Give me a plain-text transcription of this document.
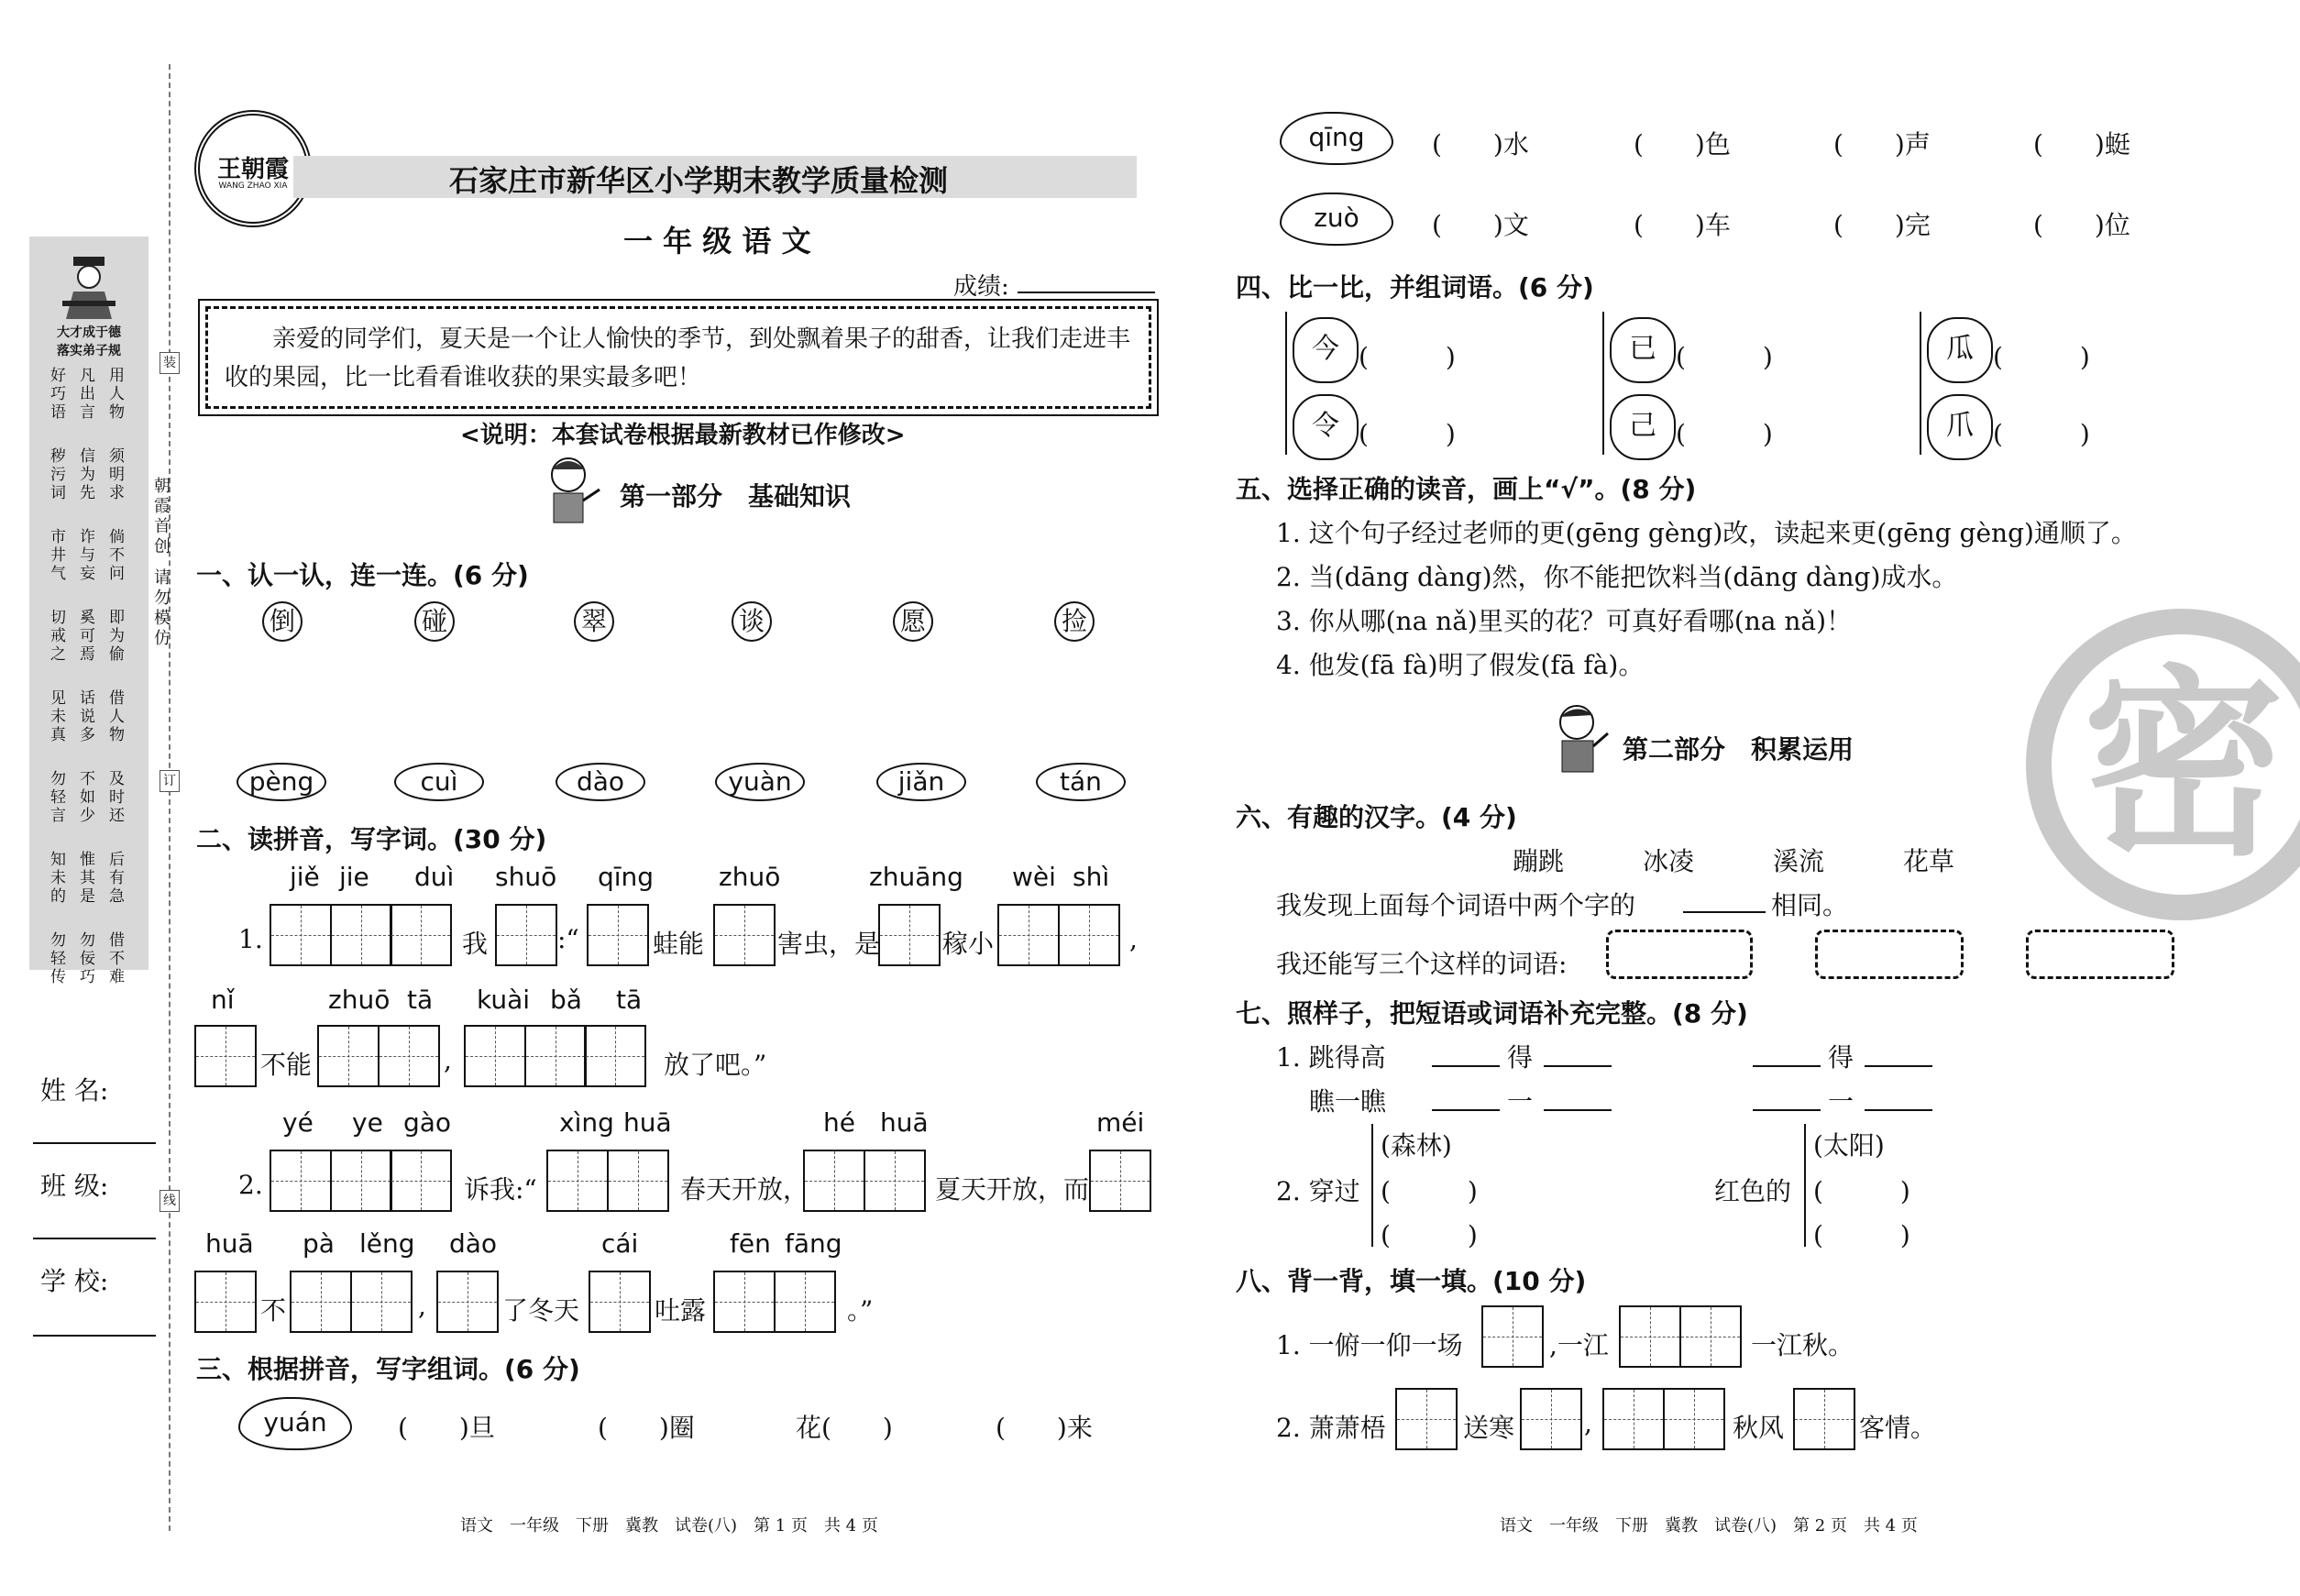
大才成于德
落实弟子规
好巧语 凡出言 用人物
秽污词 信为先 须明求
市井气 诈与妄 倘不问
切戒之 奚可焉 即为偷
见未真 话说多 借人物
勿轻言 不如少 及时还
知未的 惟其是 后有急
勿轻传 勿佞巧 借不难
装
订
线
朝霞首创
请勿模仿
姓 名:
班 级:
学 校:
王朝霞
WANG ZHAO XIA	石家庄市新华区小学期末教学质量检测
一 年 级 语 文
成绩:
亲爱的同学们，夏天是一个让人愉快的季节，到处飘着果子的甜香，让我们走进丰收的果园，比一比看看谁收获的果实最多吧！
<说明：本套试卷根据最新教材已作修改>
第一部分　基础知识
一、认一认，连一连。(6 分)
倒	碰	翠	谈	愿	捡
pèng	cuì	dào	yuàn	jiǎn	tán
二、读拼音，写字词。(30 分)
jiě jie duì shuō qīng	zhuō	zhuāng wèi shì
1.	我	:“	蛙能	害虫，是 稼小	,
nǐ	zhuō tā kuài bǎ tā
不能	,	放了吧。”
yé ye gào	xìng huā	hé huā	méi
2.	诉我:“	春天开放，	夏天开放，而
huā pà lěng dào	cái	fēn fāng
不	,	了冬天	吐露	。”
三、根据拼音，写字组词。(6 分)
yuán	(　　)旦	(　　)圈	花(　　)	(　　)来
语文　一年级　下册　冀教　试卷(八)　第 1 页　共 4 页
qīng	(　　)水	(　　)色	(　　)声	(　　)蜓
zuò	(　　)文	(　　)车	(　　)完	(　　)位
四、比一比，并组词语。(6 分)
今 (　　　)
令 (　　　)
已 (　　　)
己 (　　　)
瓜 (　　　)
爪 (　　　)
五、选择正确的读音，画上“√”。(8 分)
1. 这个句子经过老师的更(gēng gèng)改，读起来更(gēng gèng)通顺了。
2. 当(dāng dàng)然，你不能把饮料当(dāng dàng)成水。
3. 你从哪(na nǎ)里买的花？可真好看哪(na nǎ)！
4. 他发(fā fà)明了假发(fā fà)。
第二部分　积累运用
六、有趣的汉字。(4 分)
蹦跳	冰凌	溪流	花草
我发现上面每个词语中两个字的	相同。
我还能写三个这样的词语:
七、照样子，把短语或词语补充完整。(8 分)
1. 跳得高	得	得
瞧一瞧	一	一
2. 穿过
(森林)
(　　　)
(　　　)
红色的
(太阳)
(　　　)
(　　　)
八、背一背，填一填。(10 分)
1. 一俯一仰一场	,一江	一江秋。
2. 萧萧梧	送寒	,	秋风	客情。
密
语文　一年级　下册　冀教　试卷(八)　第 2 页　共 4 页
